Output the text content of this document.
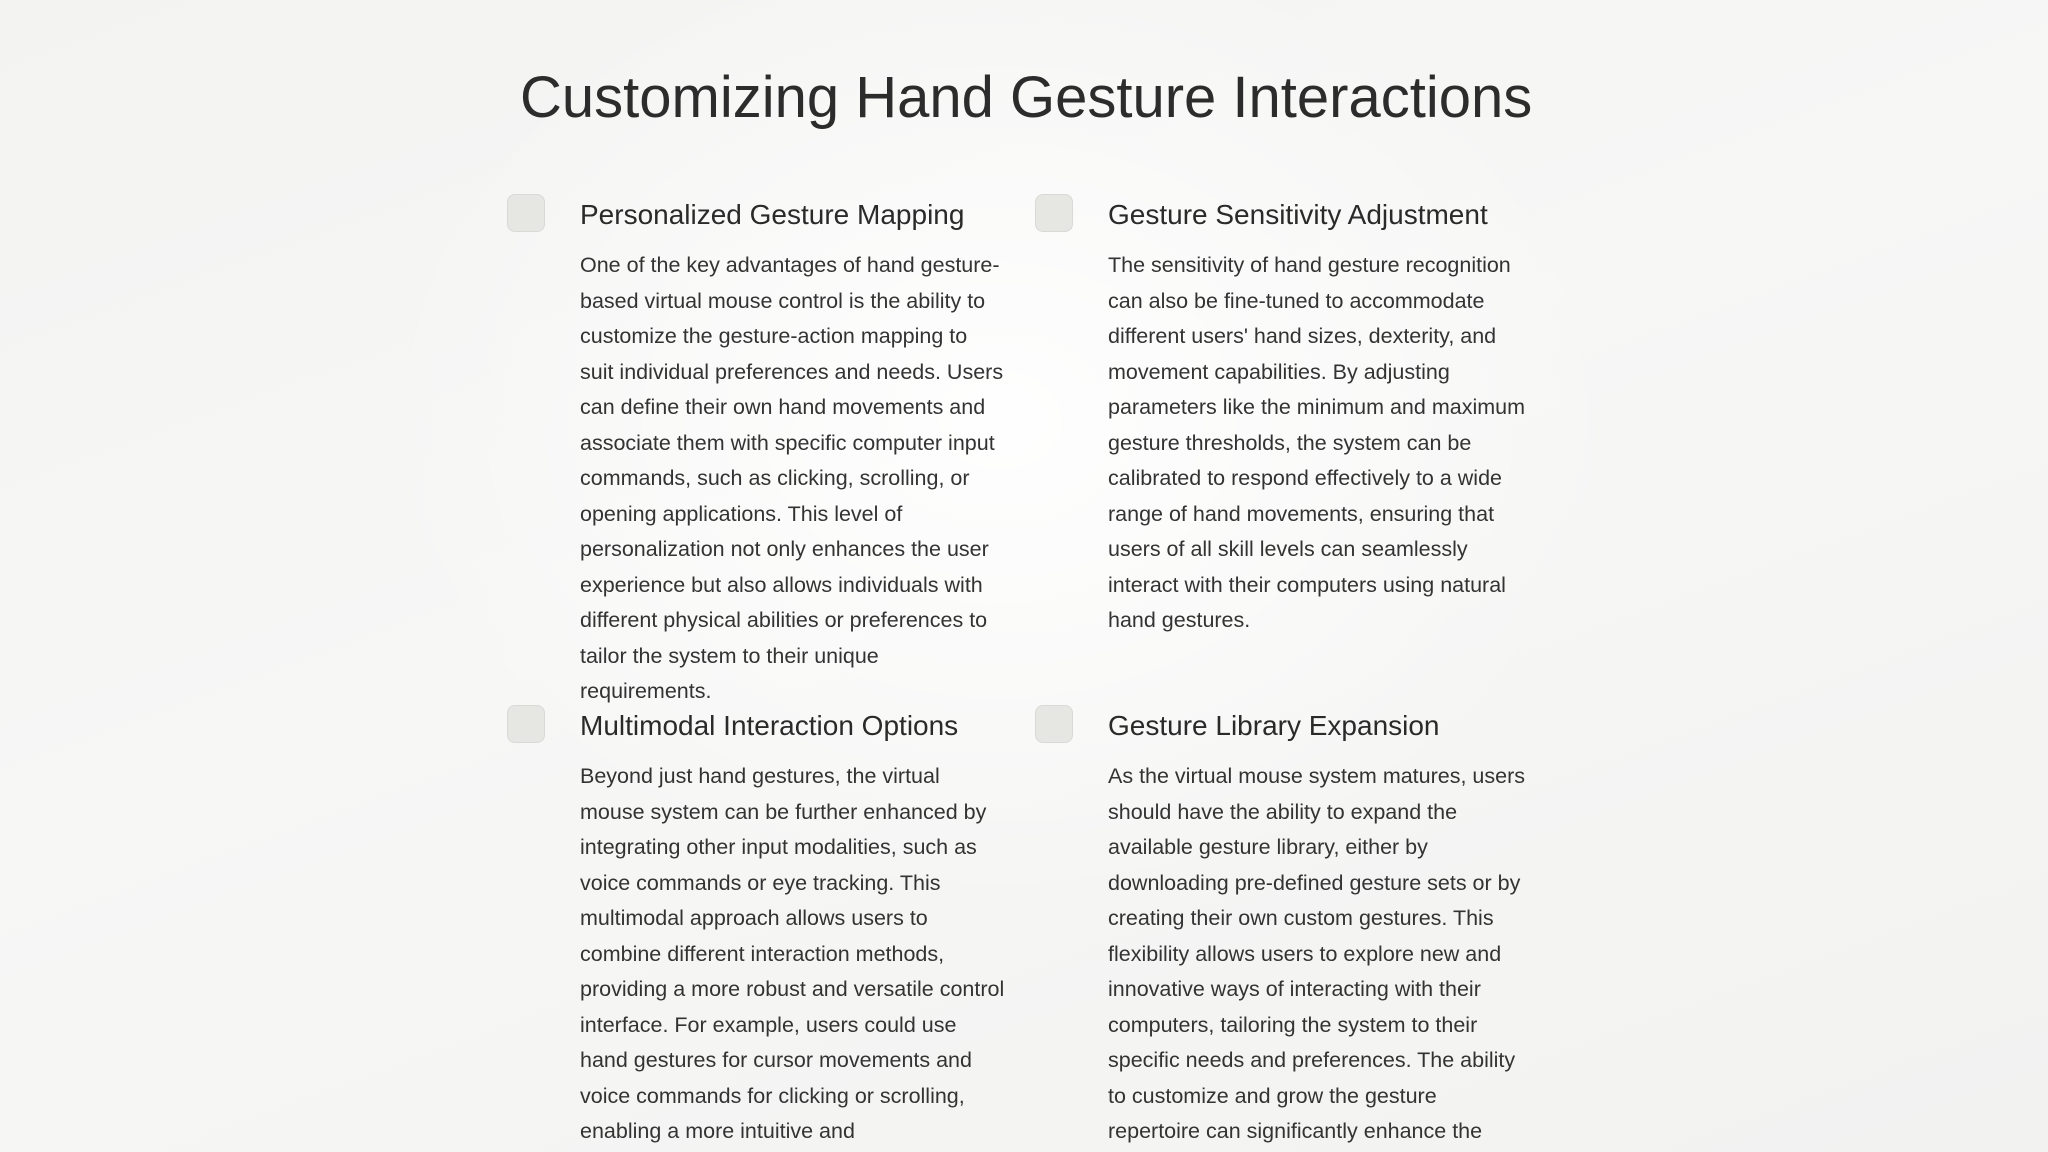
Customizing Hand Gesture Interactions
Personalized Gesture Mapping

One of the key advantages of hand gesture-based virtual mouse control is the ability to customize the gesture-action mapping to suit individual preferences and needs. Users can define their own hand movements and associate them with specific computer input commands, such as clicking, scrolling, or opening applications. This level of personalization not only enhances the user experience but also allows individuals with different physical abilities or preferences to tailor the system to their unique requirements.

Gesture Sensitivity Adjustment

The sensitivity of hand gesture recognition can also be fine-tuned to accommodate different users' hand sizes, dexterity, and movement capabilities. By adjusting parameters like the minimum and maximum gesture thresholds, the system can be calibrated to respond effectively to a wide range of hand movements, ensuring that users of all skill levels can seamlessly interact with their computers using natural hand gestures.

Multimodal Interaction Options

Beyond just hand gestures, the virtual mouse system can be further enhanced by integrating other input modalities, such as voice commands or eye tracking. This multimodal approach allows users to combine different interaction methods, providing a more robust and versatile control interface. For example, users could use hand gestures for cursor movements and voice commands for clicking or scrolling, enabling a more intuitive and

Gesture Library Expansion

As the virtual mouse system matures, users should have the ability to expand the available gesture library, either by downloading pre-defined gesture sets or by creating their own custom gestures. This flexibility allows users to explore new and innovative ways of interacting with their computers, tailoring the system to their specific needs and preferences. The ability to customize and grow the gesture repertoire can significantly enhance the
